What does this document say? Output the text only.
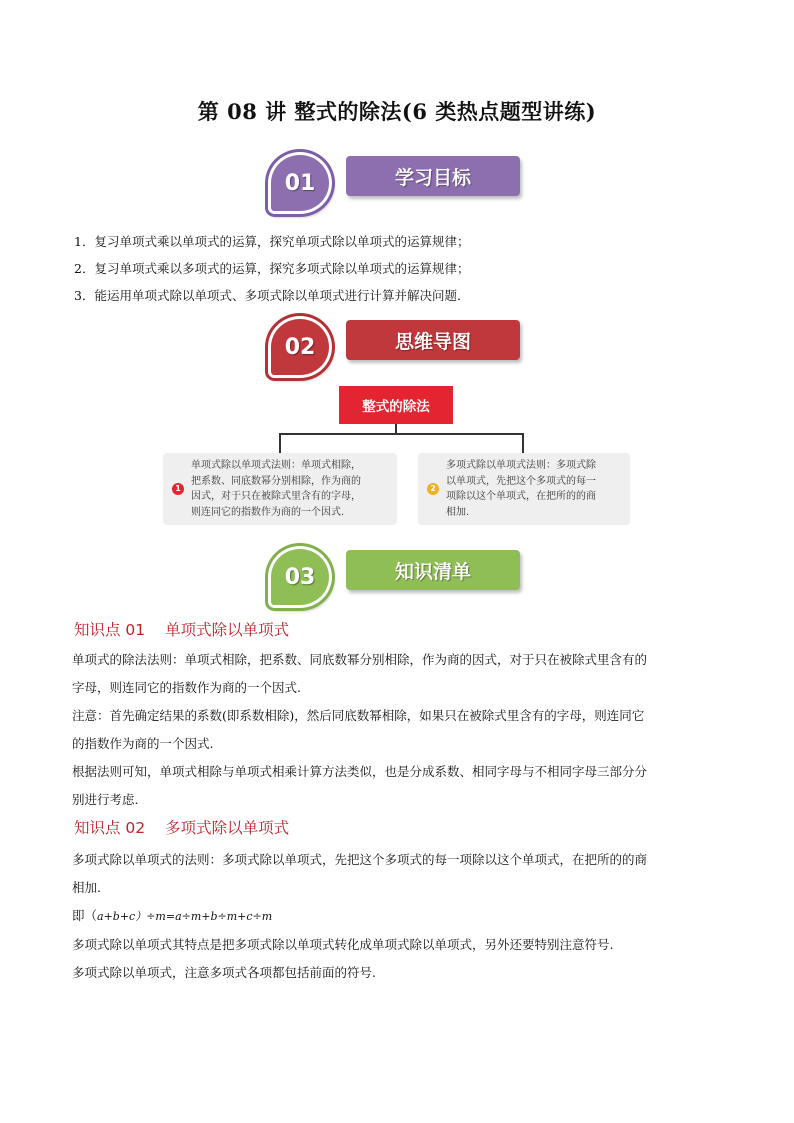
第 08 讲 整式的除法(6 类热点题型讲练)
01	学习目标
1．复习单项式乘以单项式的运算，探究单项式除以单项式的运算规律；
2．复习单项式乘以多项式的运算，探究多项式除以单项式的运算规律；
3．能运用单项式除以单项式、多项式除以单项式进行计算并解决问题．
02	思维导图
整式的除法
1
单项式除以单项式法则：单项式相除，
把系数、同底数幂分别相除，作为商的
因式，对于只在被除式里含有的字母，
则连同它的指数作为商的一个因式.
2
多项式除以单项式法则：多项式除
以单项式，先把这个多项式的每一
项除以这个单项式，在把所的的商
相加.
03	知识清单
知识点 01 单项式除以单项式
单项式的除法法则：单项式相除，把系数、同底数幂分别相除，作为商的因式，对于只在被除式里含有的
字母，则连同它的指数作为商的一个因式.
注意：首先确定结果的系数(即系数相除)，然后同底数幂相除，如果只在被除式里含有的字母，则连同它
的指数作为商的一个因式.
根据法则可知，单项式相除与单项式相乘计算方法类似，也是分成系数、相同字母与不相同字母三部分分
别进行考虑.
知识点 02 多项式除以单项式
多项式除以单项式的法则：多项式除以单项式，先把这个多项式的每一项除以这个单项式，在把所的的商
相加.
即（a+b+c）÷m=a÷m+b÷m+c÷m
多项式除以单项式其特点是把多项式除以单项式转化成单项式除以单项式，另外还要特别注意符号.
多项式除以单项式，注意多项式各项都包括前面的符号.
